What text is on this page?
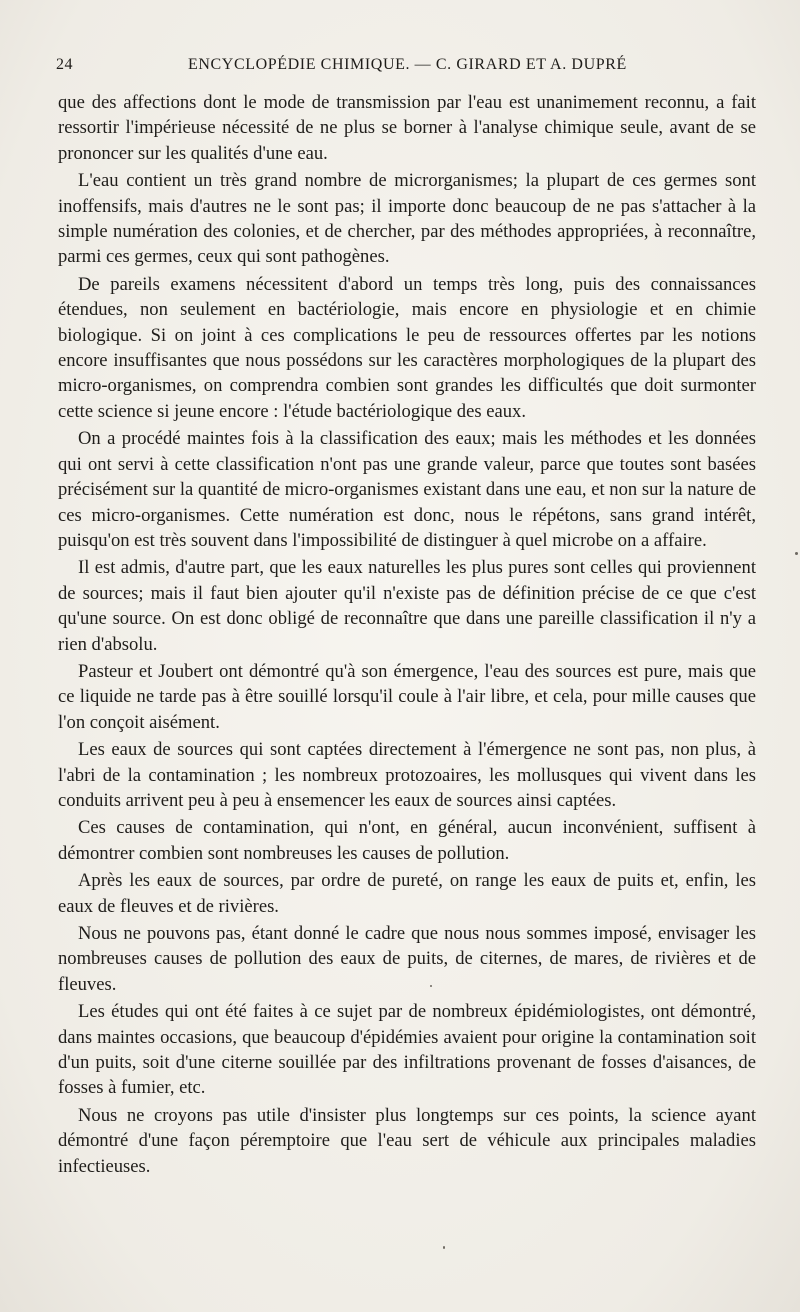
24	ENCYCLOPÉDIE CHIMIQUE. — C. GIRARD ET A. DUPRÉ

que des affections dont le mode de transmission par l'eau est unanimement reconnu, a fait ressortir l'impérieuse nécessité de ne plus se borner à l'analyse chimique seule, avant de se prononcer sur les qualités d'une eau.

L'eau contient un très grand nombre de microrganismes; la plupart de ces germes sont inoffensifs, mais d'autres ne le sont pas; il importe donc beaucoup de ne pas s'attacher à la simple numération des colonies, et de chercher, par des méthodes appropriées, à reconnaître, parmi ces germes, ceux qui sont pathogènes.

De pareils examens nécessitent d'abord un temps très long, puis des connaissances étendues, non seulement en bactériologie, mais encore en physiologie et en chimie biologique. Si on joint à ces complications le peu de ressources offertes par les notions encore insuffisantes que nous possédons sur les caractères morphologiques de la plupart des micro-organismes, on comprendra combien sont grandes les difficultés que doit surmonter cette science si jeune encore : l'étude bactériologique des eaux.

On a procédé maintes fois à la classification des eaux; mais les méthodes et les données qui ont servi à cette classification n'ont pas une grande valeur, parce que toutes sont basées précisément sur la quantité de micro-organismes existant dans une eau, et non sur la nature de ces micro-organismes. Cette numération est donc, nous le répétons, sans grand intérêt, puisqu'on est très souvent dans l'impossibilité de distinguer à quel microbe on a affaire.

Il est admis, d'autre part, que les eaux naturelles les plus pures sont celles qui proviennent de sources; mais il faut bien ajouter qu'il n'existe pas de définition précise de ce que c'est qu'une source. On est donc obligé de reconnaître que dans une pareille classification il n'y a rien d'absolu.

Pasteur et Joubert ont démontré qu'à son émergence, l'eau des sources est pure, mais que ce liquide ne tarde pas à être souillé lorsqu'il coule à l'air libre, et cela, pour mille causes que l'on conçoit aisément.

Les eaux de sources qui sont captées directement à l'émergence ne sont pas, non plus, à l'abri de la contamination ; les nombreux protozoaires, les mollusques qui vivent dans les conduits arrivent peu à peu à ensemencer les eaux de sources ainsi captées.

Ces causes de contamination, qui n'ont, en général, aucun inconvénient, suffisent à démontrer combien sont nombreuses les causes de pollution.

Après les eaux de sources, par ordre de pureté, on range les eaux de puits et, enfin, les eaux de fleuves et de rivières.

Nous ne pouvons pas, étant donné le cadre que nous nous sommes imposé, envisager les nombreuses causes de pollution des eaux de puits, de citernes, de mares, de rivières et de fleuves.

Les études qui ont été faites à ce sujet par de nombreux épidémiologistes, ont démontré, dans maintes occasions, que beaucoup d'épidémies avaient pour origine la contamination soit d'un puits, soit d'une citerne souillée par des infiltrations provenant de fosses d'aisances, de fosses à fumier, etc.

Nous ne croyons pas utile d'insister plus longtemps sur ces points, la science ayant démontré d'une façon péremptoire que l'eau sert de véhicule aux principales maladies infectieuses.
